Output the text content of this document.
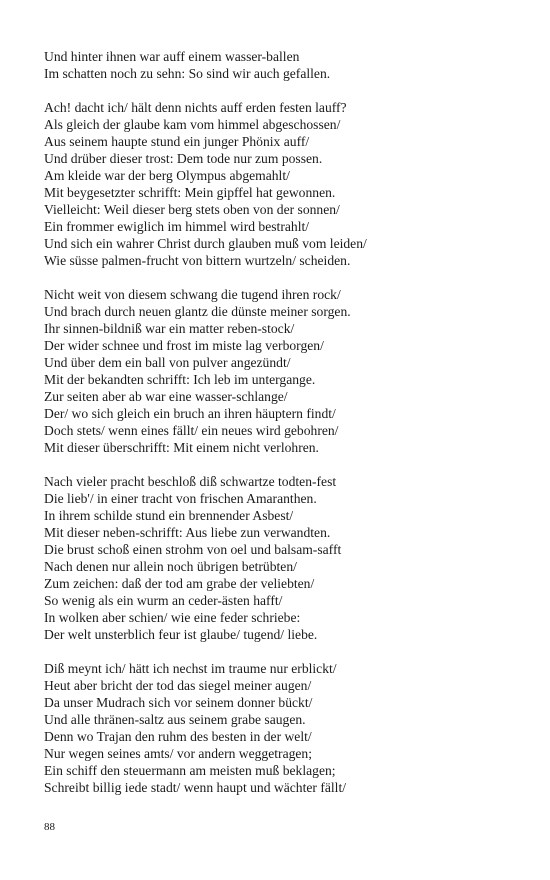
Und hinter ihnen war auff einem wasser-ballen
Im schatten noch zu sehn: So sind wir auch gefallen.
Ach! dacht ich/ hält denn nichts auff erden festen lauff?
Als gleich der glaube kam vom himmel abgeschossen/
Aus seinem haupte stund ein junger Phönix auff/
Und drüber dieser trost: Dem tode nur zum possen.
Am kleide war der berg Olympus abgemahlt/
Mit beygesetzter schrifft: Mein gipffel hat gewonnen.
Vielleicht: Weil dieser berg stets oben von der sonnen/
Ein frommer ewiglich im himmel wird bestrahlt/
Und sich ein wahrer Christ durch glauben muß vom leiden/
Wie süsse palmen-frucht von bittern wurtzeln/ scheiden.
Nicht weit von diesem schwang die tugend ihren rock/
Und brach durch neuen glantz die dünste meiner sorgen.
Ihr sinnen-bildniß war ein matter reben-stock/
Der wider schnee und frost im miste lag verborgen/
Und über dem ein ball von pulver angezündt/
Mit der bekandten schrifft: Ich leb im untergange.
Zur seiten aber ab war eine wasser-schlange/
Der/ wo sich gleich ein bruch an ihren häuptern findt/
Doch stets/ wenn eines fällt/ ein neues wird gebohren/
Mit dieser überschrifft: Mit einem nicht verlohren.
Nach vieler pracht beschloß diß schwartze todten-fest
Die lieb'/ in einer tracht von frischen Amaranthen.
In ihrem schilde stund ein brennender Asbest/
Mit dieser neben-schrifft: Aus liebe zun verwandten.
Die brust schoß einen strohm von oel und balsam-safft
Nach denen nur allein noch übrigen betrübten/
Zum zeichen: daß der tod am grabe der veliebten/
So wenig als ein wurm an ceder-ästen hafft/
In wolken aber schien/ wie eine feder schriebe:
Der welt unsterblich feur ist glaube/ tugend/ liebe.
Diß meynt ich/ hätt ich nechst im traume nur erblickt/
Heut aber bricht der tod das siegel meiner augen/
Da unser Mudrach sich vor seinem donner bückt/
Und alle thränen-saltz aus seinem grabe saugen.
Denn wo Trajan den ruhm des besten in der welt/
Nur wegen seines amts/ vor andern weggetragen;
Ein schiff den steuermann am meisten muß beklagen;
Schreibt billig iede stadt/ wenn haupt und wächter fällt/
88
